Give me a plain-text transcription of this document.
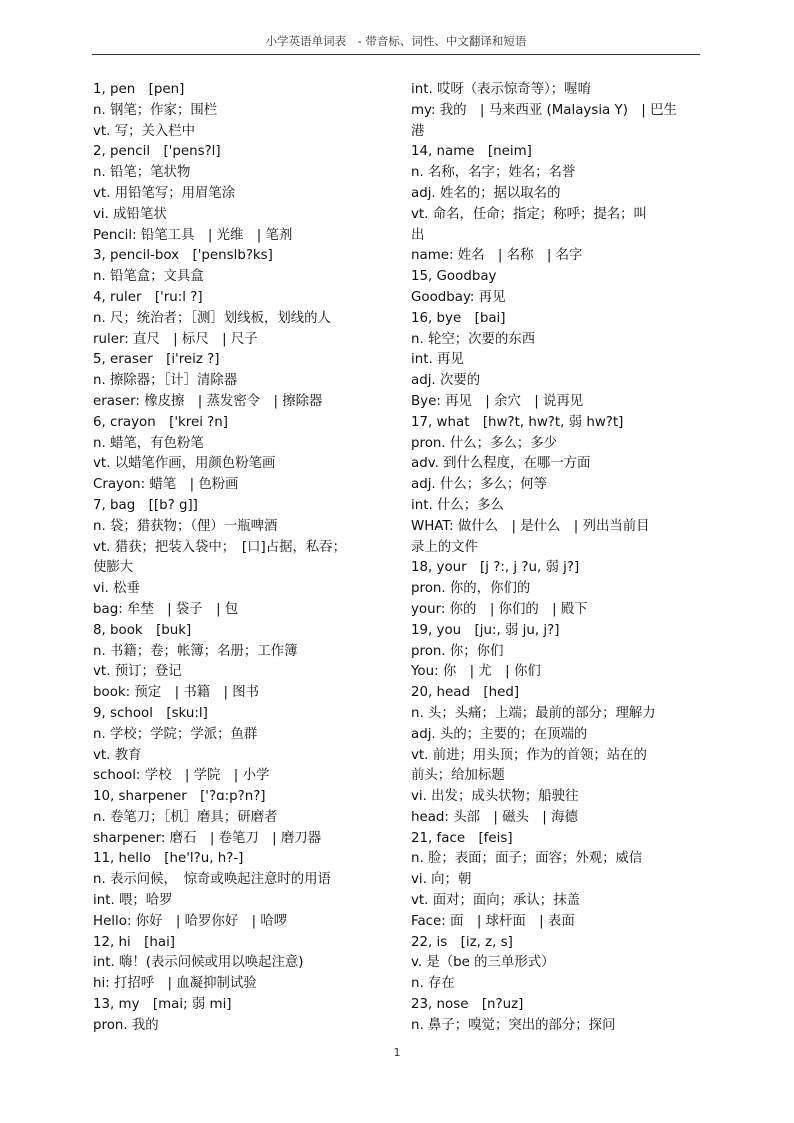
小学英语单词表　- 带音标、词性、中文翻译和短语
1, pen　[pen]
n. 钢笔；作家；围栏
vt. 写；关入栏中
2, pencil　['pens?l]
n. 铅笔；笔状物
vt. 用铅笔写；用眉笔涂
vi. 成铅笔状
Pencil: 铅笔工具　| 光维　| 笔剂
3, pencil-box　['penslb?ks]
n. 铅笔盒；文具盒
4, ruler　['ru:l ?]
n. 尺；统治者；［测］划线板，划线的人
ruler: 直尺　| 标尺　| 尺子
5, eraser　[i'reiz ?]
n. 擦除器；［计］清除器
eraser: 橡皮擦　| 蒸发密令　| 擦除器
6, crayon　['krei ?n]
n. 蜡笔，有色粉笔
vt. 以蜡笔作画，用颜色粉笔画
Crayon: 蜡笔　| 色粉画
7, bag　[[b? g]]
n. 袋；猎获物；（俚）一瓶啤酒
vt. 猎获；把装入袋中；　[口]占据，私吞；
使膨大
vi. 松垂
bag: 牟埜　| 袋子　| 包
8, book　[buk]
n. 书籍；卷；帐簿；名册；工作簿
vt. 预订；登记
book: 预定　| 书籍　| 图书
9, school　[sku:l]
n. 学校；学院；学派；鱼群
vt. 教育
school: 学校　| 学院　| 小学
10, sharpener　['?ɑ:p?n?]
n. 卷笔刀；［机］磨具；研磨者
sharpener: 磨石　| 卷笔刀　| 磨刀器
11, hello　[he'l?u, h?-]
n. 表示问候，　惊奇或唤起注意时的用语
int. 喂；哈罗
Hello: 你好　| 哈罗你好　| 哈啰
12, hi　[hai]
int. 嗨！(表示问候或用以唤起注意)
hi: 打招呼　| 血凝抑制试验
13, my　[mai; 弱 mi]
pron. 我的
int. 哎呀（表示惊奇等）；喔唷
my: 我的　| 马来西亚 (Malaysia Y)　| 巴生
港
14, name　[neim]
n. 名称，名字；姓名；名誉
adj. 姓名的；据以取名的
vt. 命名，任命；指定；称呼；提名；叫
出
name: 姓名　| 名称　| 名字
15, Goodbay
Goodbay: 再见
16, bye　[bai]
n. 轮空；次要的东西
int. 再见
adj. 次要的
Bye: 再见　| 余穴　| 说再见
17, what　[hw?t, hw?t, 弱 hw?t]
pron. 什么；多么；多少
adv. 到什么程度，在哪一方面
adj. 什么；多么；何等
int. 什么；多么
WHAT: 做什么　| 是什么　| 列出当前目
录上的文件
18, your　[j ?:, j ?u, 弱 j?]
pron. 你的，你们的
your: 你的　| 你们的　| 殿下
19, you　[ju:, 弱 ju, j?]
pron. 你；你们
You: 你　| 尤　| 你们
20, head　[hed]
n. 头；头痛；上端；最前的部分；理解力
adj. 头的；主要的；在顶端的
vt. 前进；用头顶；作为的首领；站在的
前头；给加标题
vi. 出发；成头状物；船驶往
head: 头部　| 磁头　| 海德
21, face　[feis]
n. 脸；表面；面子；面容；外观；威信
vi. 向；朝
vt. 面对；面向；承认；抹盖
Face: 面　| 球杆面　| 表面
22, is　[iz, z, s]
v. 是（be 的三单形式）
n. 存在
23, nose　[n?uz]
n. 鼻子；嗅觉；突出的部分；探问
1
